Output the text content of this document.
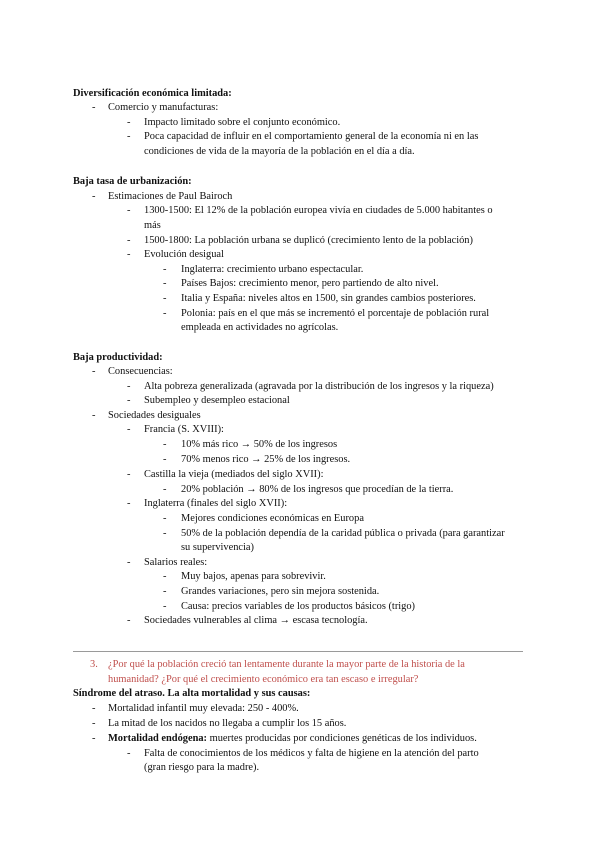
Diversificación económica limitada:
-	Comercio y manufacturas:
-	Impacto limitado sobre el conjunto económico.
-	Poca capacidad de influir en el comportamiento general de la economía ni en las
condiciones de vida de la mayoría de la población en el día a día.
Baja tasa de urbanización:
-	Estimaciones de Paul Bairoch
-	1300-1500: El 12% de la población europea vivía en ciudades de 5.000 habitantes o
más
-	1500-1800: La población urbana se duplicó (crecimiento lento de la población)
-	Evolución desigual
-	Inglaterra: crecimiento urbano espectacular.
-	Países Bajos: crecimiento menor, pero partiendo de alto nivel.
-	Italia y España: niveles altos en 1500, sin grandes cambios posteriores.
-	Polonia: país en el que más se incrementó el porcentaje de población rural
empleada en actividades no agrícolas.
Baja productividad:
-	Consecuencias:
-	Alta pobreza generalizada (agravada por la distribución de los ingresos y la riqueza)
-	Subempleo y desempleo estacional
-	Sociedades desiguales
-	Francia (S. XVIII):
-	10% más rico → 50% de los ingresos
-	70% menos rico → 25% de los ingresos.
-	Castilla la vieja (mediados del siglo XVII):
-	20% población → 80% de los ingresos que procedían de la tierra.
-	Inglaterra (finales del siglo XVII):
-	Mejores condiciones económicas en Europa
-	50% de la población dependía de la caridad pública o privada (para garantizar
su supervivencia)
-	Salarios reales:
-	Muy bajos, apenas para sobrevivir.
-	Grandes variaciones, pero sin mejora sostenida.
-	Causa: precios variables de los productos básicos (trigo)
-	Sociedades vulnerables al clima → escasa tecnología.
3. ¿Por qué la población creció tan lentamente durante la mayor parte de la historia de la
humanidad? ¿Por qué el crecimiento económico era tan escaso e irregular?
Síndrome del atraso. La alta mortalidad y sus causas:
-	Mortalidad infantil muy elevada: 250 - 400%.
-	La mitad de los nacidos no llegaba a cumplir los 15 años.
-	Mortalidad endógena: muertes producidas por condiciones genéticas de los individuos.
-	Falta de conocimientos de los médicos y falta de higiene en la atención del parto
(gran riesgo para la madre).
